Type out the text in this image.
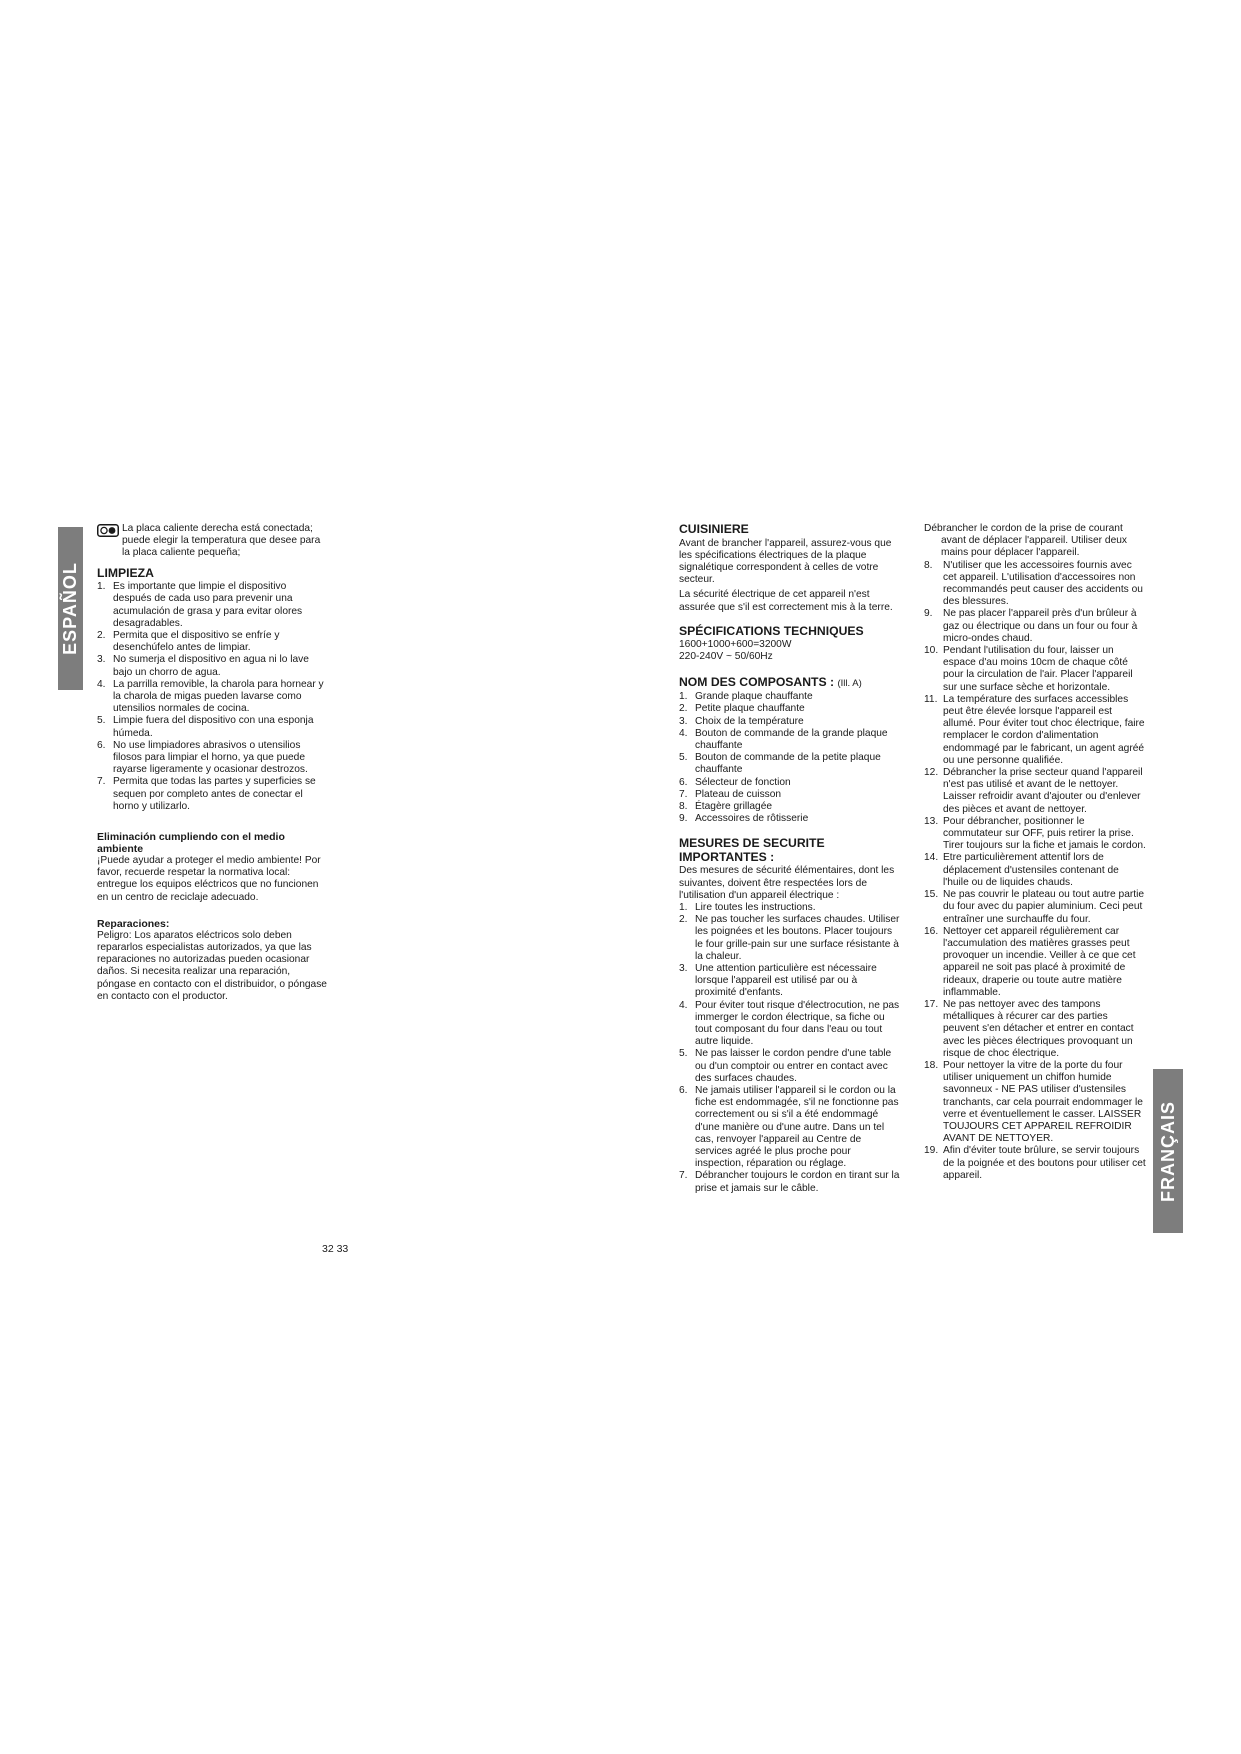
ESPAÑOL
FRANÇAIS
La placa caliente derecha está conectada; puede elegir la temperatura que desee para la placa caliente pequeña;
LIMPIEZA
1. Es importante que limpie el dispositivo después de cada uso para prevenir una acumulación de grasa y para evitar olores desagradables.
2. Permita que el dispositivo se enfríe y desenchúfelo antes de limpiar.
3. No sumerja el dispositivo en agua ni lo lave bajo un chorro de agua.
4. La parrilla removible, la charola para hornear y la charola de migas pueden lavarse como utensilios normales de cocina.
5. Limpie fuera del dispositivo con una esponja húmeda.
6. No use limpiadores abrasivos o utensilios filosos para limpiar el horno, ya que puede rayarse ligeramente y ocasionar destrozos.
7. Permita que todas las partes y superficies se sequen por completo antes de conectar el horno y utilizarlo.
Eliminación cumpliendo con el medio ambiente

¡Puede ayudar a proteger el medio ambiente! Por favor, recuerde respetar la normativa local: entregue los equipos eléctricos que no funcionen en un centro de reciclaje adecuado.

Reparaciones:

Peligro: Los aparatos eléctricos solo deben repararlos especialistas autorizados, ya que las reparaciones no autorizadas pueden ocasionar daños. Si necesita realizar una reparación, póngase en contacto con el distribuidor, o póngase en contacto con el productor.

CUISINIERE

Avant de brancher l'appareil, assurez-vous que les spécifications électriques de la plaque signalétique correspondent à celles de votre secteur.

La sécurité électrique de cet appareil n'est assurée que s'il est correctement mis à la terre.

SPÉCIFICATIONS TECHNIQUES

1600+1000+600=3200W

220-240V ~ 50/60Hz

NOM DES COMPOSANTS : (Ill. A)
1. Grande plaque chauffante
2. Petite plaque chauffante
3. Choix de la température
4. Bouton de commande de la grande plaque chauffante
5. Bouton de commande de la petite plaque chauffante
6. Sélecteur de fonction
7. Plateau de cuisson
8. Étagère grillagée
9. Accessoires de rôtisserie
MESURES DE SECURITE IMPORTANTES :

Des mesures de sécurité élémentaires, dont les suivantes, doivent être respectées lors de l'utilisation d'un appareil électrique :

1. Lire toutes les instructions.
2. Ne pas toucher les surfaces chaudes. Utiliser les poignées et les boutons. Placer toujours le four grille-pain sur une surface résistante à la chaleur.
3. Une attention particulière est nécessaire lorsque l'appareil est utilisé par ou à proximité d'enfants.
4. Pour éviter tout risque d'électrocution, ne pas immerger le cordon électrique, sa fiche ou tout composant du four dans l'eau ou tout autre liquide.
5. Ne pas laisser le cordon pendre d'une table ou d'un comptoir ou entrer en contact avec des surfaces chaudes.
6. Ne jamais utiliser l'appareil si le cordon ou la fiche est endommagée, s'il ne fonctionne pas correctement ou si s'il a été endommagé d'une manière ou d'une autre. Dans un tel cas, renvoyer l'appareil au Centre de services agréé le plus proche pour inspection, réparation ou réglage.
7. Débrancher toujours le cordon en tirant sur la prise et jamais sur le câble.

Débrancher le cordon de la prise de courant avant de déplacer l'appareil. Utiliser deux mains pour déplacer l'appareil.

8.	N'utiliser que les accessoires fournis avec cet appareil. L'utilisation d'accessoires non recommandés peut causer des accidents ou des blessures.
9.	Ne pas placer l'appareil près d'un brûleur à gaz ou électrique ou dans un four ou four à micro-ondes chaud.
10. Pendant l'utilisation du four, laisser un espace d'au moins 10cm de chaque côté pour la circulation de l'air. Placer l'appareil sur une surface sèche et horizontale.
11. La température des surfaces accessibles peut être élevée lorsque l'appareil est allumé. Pour éviter tout choc électrique, faire remplacer le cordon d'alimentation endommagé par le fabricant, un agent agréé ou une personne qualifiée.
12. Débrancher la prise secteur quand l'appareil n'est pas utilisé et avant de le nettoyer. Laisser refroidir avant d'ajouter ou d'enlever des pièces et avant de nettoyer.
13. Pour débrancher, positionner le commutateur sur OFF, puis retirer la prise. Tirer toujours sur la fiche et jamais le cordon.
14. Etre particulièrement attentif lors de déplacement d'ustensiles contenant de l'huile ou de liquides chauds.
15. Ne pas couvrir le plateau ou tout autre partie du four avec du papier aluminium. Ceci peut entraîner une surchauffe du four.
16. Nettoyer cet appareil régulièrement car l'accumulation des matières grasses peut provoquer un incendie. Veiller à ce que cet appareil ne soit pas placé à proximité de rideaux, draperie ou toute autre matière inflammable.
17. Ne pas nettoyer avec des tampons métalliques à récurer car des parties peuvent s'en détacher et entrer en contact avec les pièces électriques provoquant un risque de choc électrique.
18. Pour nettoyer la vitre de la porte du four utiliser uniquement un chiffon humide savonneux - NE PAS utiliser d'ustensiles tranchants, car cela pourrait endommager le verre et éventuellement le casser. LAISSER TOUJOURS CET APPAREIL REFROIDIR AVANT DE NETTOYER.
19. Afin d'éviter toute brûlure, se servir toujours de la poignée et des boutons pour utiliser cet appareil.
32 33
